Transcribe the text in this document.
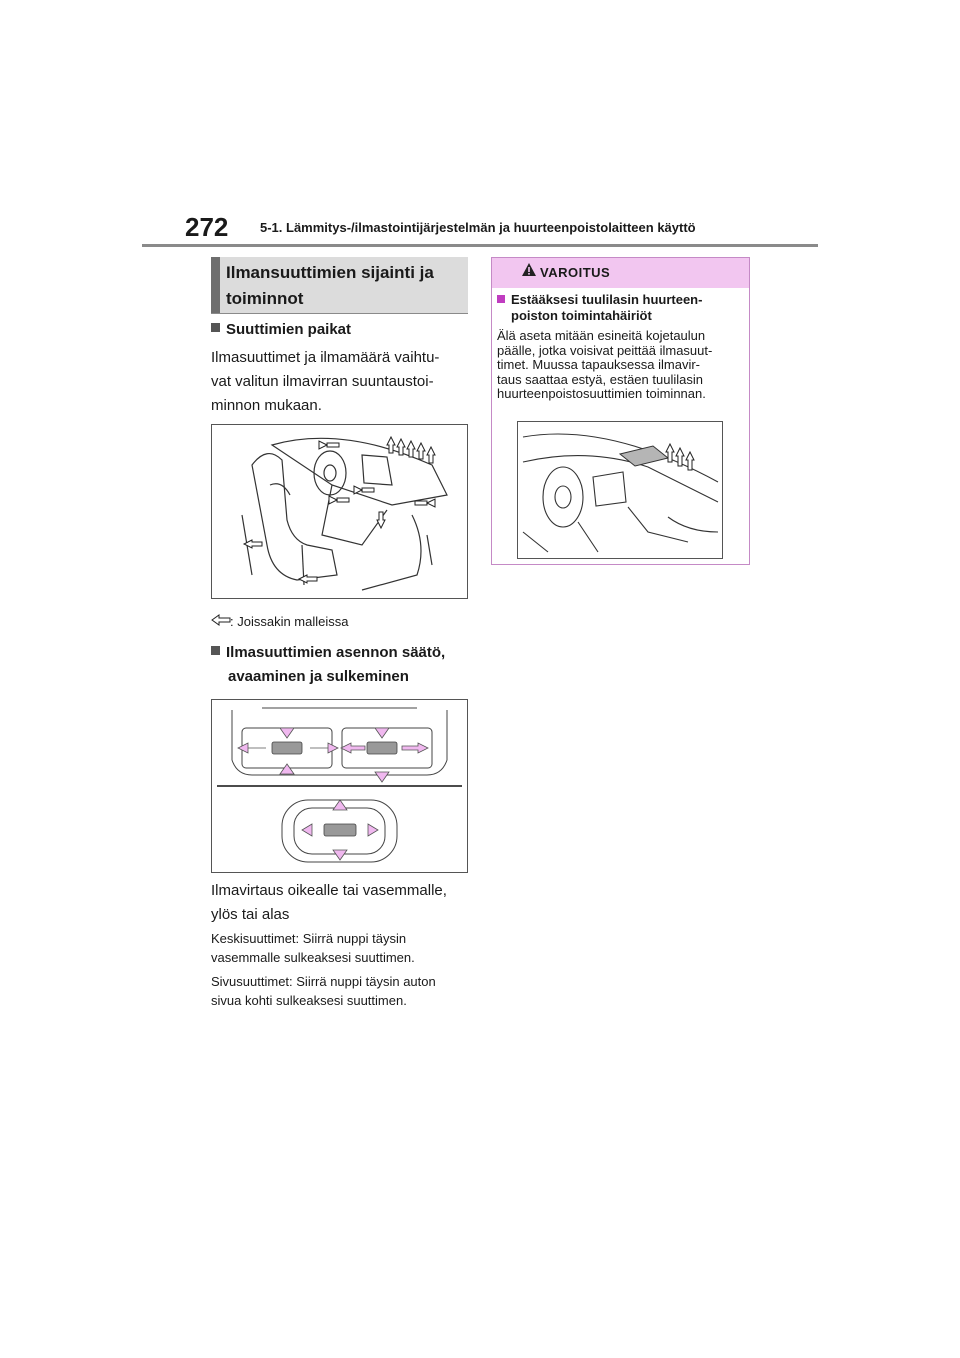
272 5-1. Lämmitys-/ilmastointijärjestelmän ja huurteenpoistolaitteen käyttö
Ilmansuuttimien sijainti ja
toiminnot
Suuttimien paikat
Ilmasuuttimet ja ilmamäärä vaihtu-
vat valitun ilmavirran suuntaustoi-
minnon mukaan.
: Joissakin malleissa
Ilmasuuttimien asennon säätö,
avaaminen ja sulkeminen
Ilmavirtaus oikealle tai vasemmalle,
ylös tai alas
Keskisuuttimet: Siirrä nuppi täysin
vasemmalle sulkeaksesi suuttimen.
Sivusuuttimet: Siirrä nuppi täysin auton
sivua kohti sulkeaksesi suuttimen.
VAROITUS
Estääksesi tuulilasin huurteen-
poiston toimintahäiriöt
Älä aseta mitään esineitä kojetaulun
päälle, jotka voisivat peittää ilmasuut-
timet. Muussa tapauksessa ilmavir-
taus saattaa estyä, estäen tuulilasin
huurteenpoistosuuttimien toiminnan.
